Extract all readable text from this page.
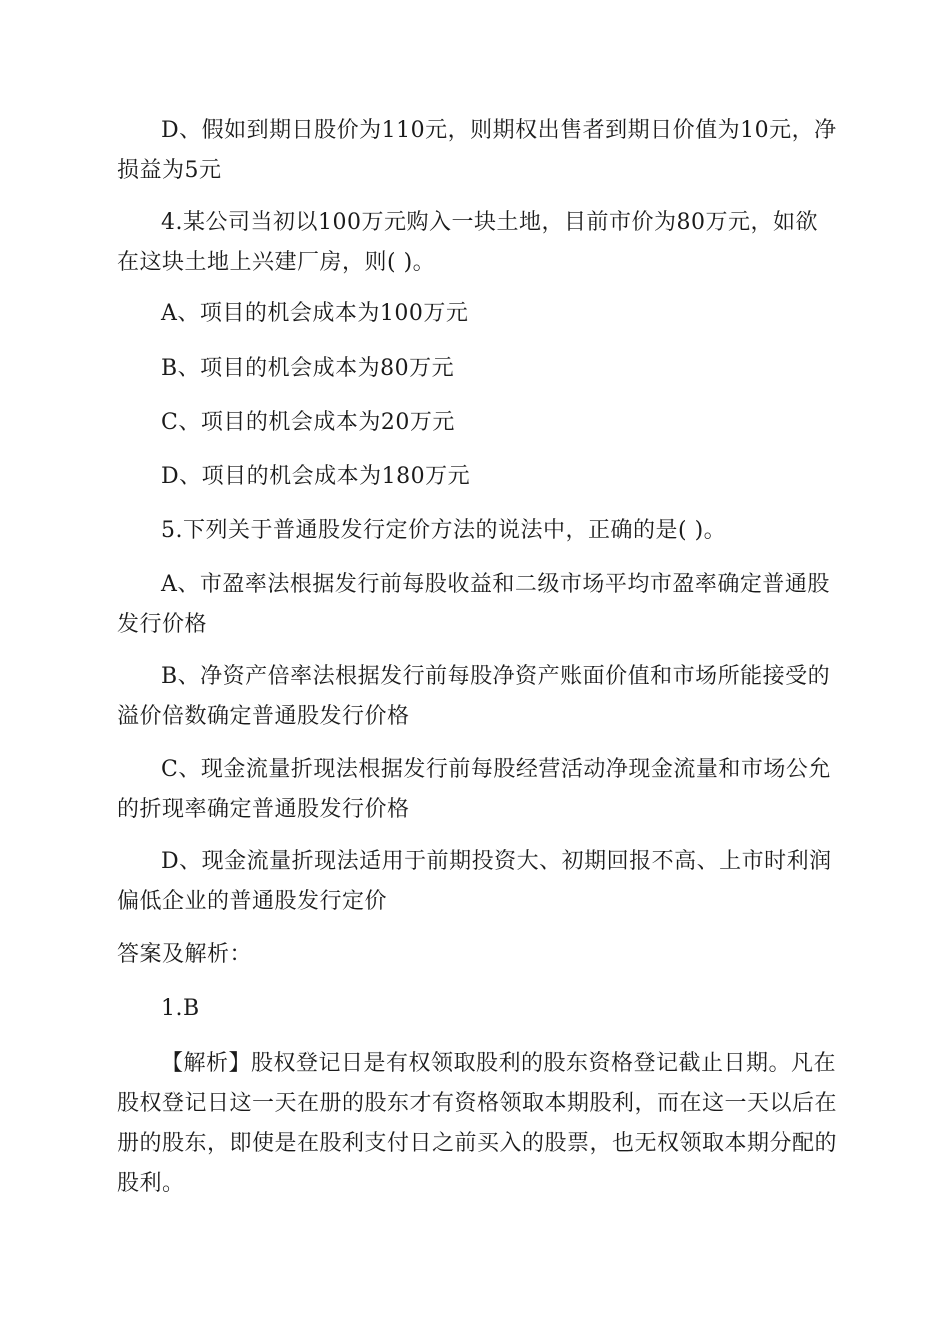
D、假如到期日股价为110元，则期权出售者到期日价值为10元，净损益为5元

4.某公司当初以100万元购入一块土地，目前市价为80万元，如欲在这块土地上兴建厂房，则( )。

A、项目的机会成本为100万元

B、项目的机会成本为80万元

C、项目的机会成本为20万元

D、项目的机会成本为180万元

5.下列关于普通股发行定价方法的说法中，正确的是( )。

A、市盈率法根据发行前每股收益和二级市场平均市盈率确定普通股发行价格

B、净资产倍率法根据发行前每股净资产账面价值和市场所能接受的溢价倍数确定普通股发行价格

C、现金流量折现法根据发行前每股经营活动净现金流量和市场公允的折现率确定普通股发行价格

D、现金流量折现法适用于前期投资大、初期回报不高、上市时利润偏低企业的普通股发行定价

答案及解析：

1.B

【解析】股权登记日是有权领取股利的股东资格登记截止日期。凡在股权登记日这一天在册的股东才有资格领取本期股利，而在这一天以后在册的股东，即使是在股利支付日之前买入的股票，也无权领取本期分配的股利。
